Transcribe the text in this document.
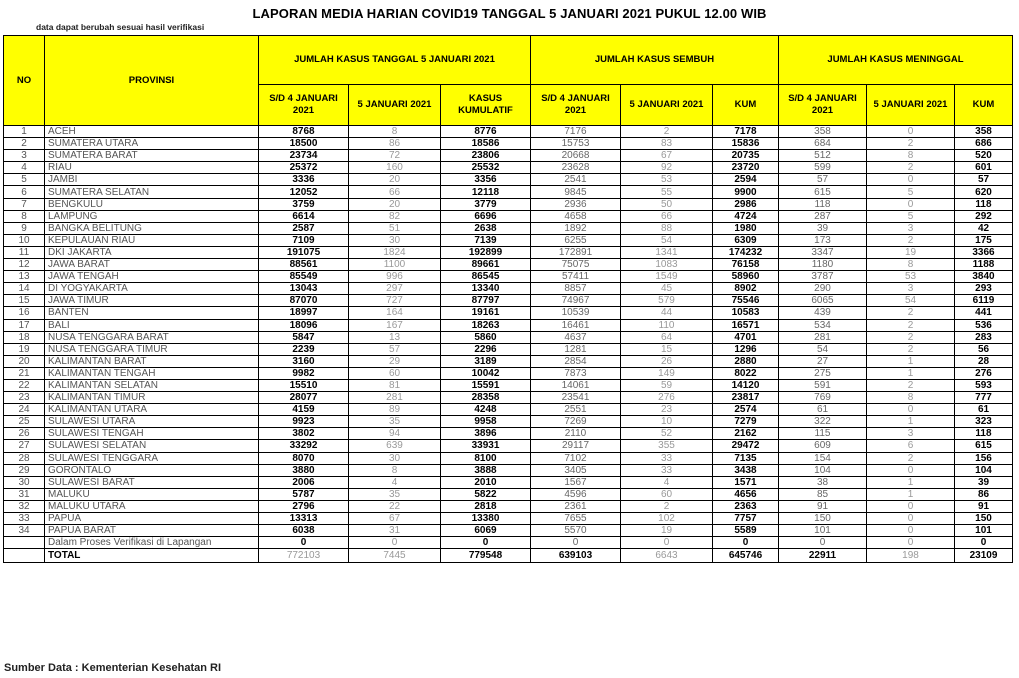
LAPORAN MEDIA HARIAN COVID19 TANGGAL 5 JANUARI 2021 PUKUL 12.00 WIB
data dapat berubah sesuai hasil verifikasi
NO	PROVINSI	JUMLAH KASUS TANGGAL 5 JANUARI 2021			JUMLAH KASUS SEMBUH			JUMLAH KASUS MENINGGAL		
		S/D 4 JANUARI 2021	5 JANUARI 2021	KASUS KUMULATIF	S/D 4 JANUARI 2021	5 JANUARI 2021	KUM	S/D 4 JANUARI 2021	5 JANUARI 2021	KUM
1	ACEH	8768	8	8776	7176	2	7178	358	0	358
2	SUMATERA UTARA	18500	86	18586	15753	83	15836	684	2	686
3	SUMATERA BARAT	23734	72	23806	20668	67	20735	512	8	520
4	RIAU	25372	160	25532	23628	92	23720	599	2	601
5	JAMBI	3336	20	3356	2541	53	2594	57	0	57
6	SUMATERA SELATAN	12052	66	12118	9845	55	9900	615	5	620
7	BENGKULU	3759	20	3779	2936	50	2986	118	0	118
8	LAMPUNG	6614	82	6696	4658	66	4724	287	5	292
9	BANGKA BELITUNG	2587	51	2638	1892	88	1980	39	3	42
10	KEPULAUAN RIAU	7109	30	7139	6255	54	6309	173	2	175
11	DKI JAKARTA	191075	1824	192899	172891	1341	174232	3347	19	3366
12	JAWA BARAT	88561	1100	89661	75075	1083	76158	1180	8	1188
13	JAWA TENGAH	85549	996	86545	57411	1549	58960	3787	53	3840
14	DI YOGYAKARTA	13043	297	13340	8857	45	8902	290	3	293
15	JAWA TIMUR	87070	727	87797	74967	579	75546	6065	54	6119
16	BANTEN	18997	164	19161	10539	44	10583	439	2	441
17	BALI	18096	167	18263	16461	110	16571	534	2	536
18	NUSA TENGGARA BARAT	5847	13	5860	4637	64	4701	281	2	283
19	NUSA TENGGARA TIMUR	2239	57	2296	1281	15	1296	54	2	56
20	KALIMANTAN BARAT	3160	29	3189	2854	26	2880	27	1	28
21	KALIMANTAN TENGAH	9982	60	10042	7873	149	8022	275	1	276
22	KALIMANTAN SELATAN	15510	81	15591	14061	59	14120	591	2	593
23	KALIMANTAN TIMUR	28077	281	28358	23541	276	23817	769	8	777
24	KALIMANTAN UTARA	4159	89	4248	2551	23	2574	61	0	61
25	SULAWESI UTARA	9923	35	9958	7269	10	7279	322	1	323
26	SULAWESI TENGAH	3802	94	3896	2110	52	2162	115	3	118
27	SULAWESI SELATAN	33292	639	33931	29117	355	29472	609	6	615
28	SULAWESI TENGGARA	8070	30	8100	7102	33	7135	154	2	156
29	GORONTALO	3880	8	3888	3405	33	3438	104	0	104
30	SULAWESI BARAT	2006	4	2010	1567	4	1571	38	1	39
31	MALUKU	5787	35	5822	4596	60	4656	85	1	86
32	MALUKU UTARA	2796	22	2818	2361	2	2363	91	0	91
33	PAPUA	13313	67	13380	7655	102	7757	150	0	150
34	PAPUA BARAT	6038	31	6069	5570	19	5589	101	0	101
	Dalam Proses Verifikasi di Lapangan	0	0	0	0	0	0	0	0	0
	TOTAL	772103	7445	779548	639103	6643	645746	22911	198	23109
Sumber Data : Kementerian Kesehatan RI
